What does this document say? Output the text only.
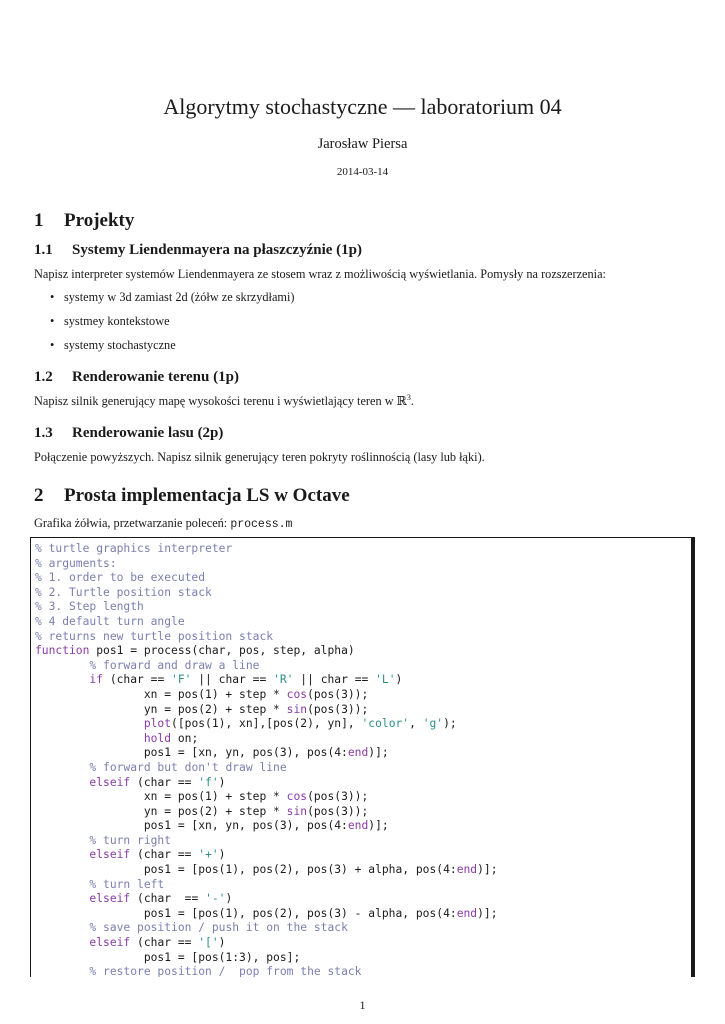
Algorytmy stochastyczne — laboratorium 04
Jarosław Piersa
2014-03-14
1 Projekty
1.1 Systemy Liendenmayera na płaszczyźnie (1p)
Napisz interpreter systemów Liendenmayera ze stosem wraz z możliwością wyświetlania. Pomysły na rozszerzenia:
• systemy w 3d zamiast 2d (żółw ze skrzydłami)
• systmey kontekstowe
• systemy stochastyczne
1.2 Renderowanie terenu (1p)
Napisz silnik generujący mapę wysokości terenu i wyświetlający teren w ℝ$^3$.
1.3 Renderowanie lasu (2p)
Połączenie powyższych. Napisz silnik generujący teren pokryty roślinnością (lasy lub łąki).
2 Prosta implementacja LS w Octave
Grafika żółwia, przetwarzanie poleceń: process.m
% turtle graphics interpreter
% arguments:
% 1. order to be executed
% 2. Turtle position stack
% 3. Step length
% 4 default turn angle
% returns new turtle position stack
function pos1 = process(char, pos, step, alpha)
% forward and draw a line
if (char == 'F' || char == 'R' || char == 'L')
xn = pos(1) + step * cos(pos(3));
yn = pos(2) + step * sin(pos(3));
plot([pos(1), xn],[pos(2), yn], 'color', 'g');
hold on;
pos1 = [xn, yn, pos(3), pos(4:end)];
% forward but don't draw line
elseif (char == 'f')
xn = pos(1) + step * cos(pos(3));
yn = pos(2) + step * sin(pos(3));
pos1 = [xn, yn, pos(3), pos(4:end)];
% turn right
elseif (char == '+')
pos1 = [pos(1), pos(2), pos(3) + alpha, pos(4:end)];
% turn left
elseif (char  == '-')
pos1 = [pos(1), pos(2), pos(3) - alpha, pos(4:end)];
% save position / push it on the stack
elseif (char == '[')
pos1 = [pos(1:3), pos];
% restore position /  pop from the stack
1
